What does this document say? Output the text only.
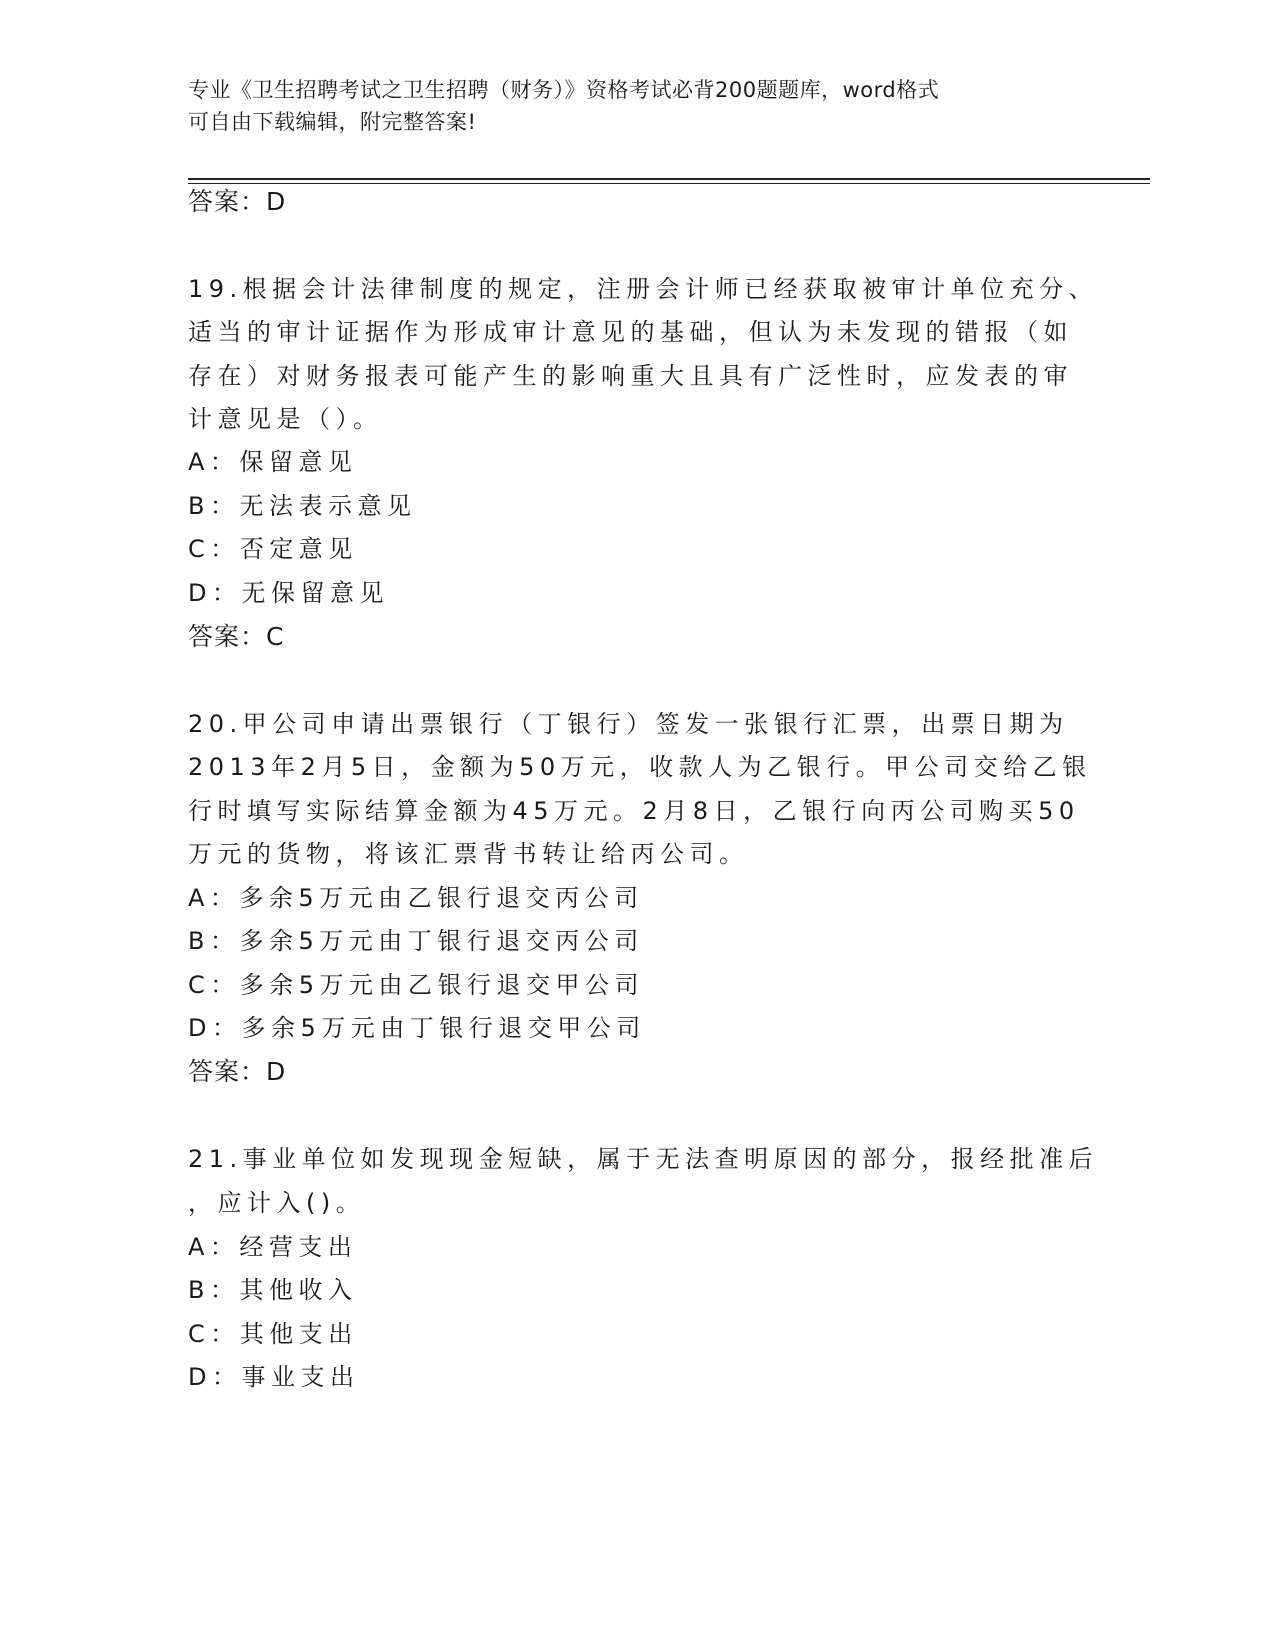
专业《卫生招聘考试之卫生招聘（财务）》资格考试必背200题题库，word格式
可自由下载编辑，附完整答案!

答案：D

19.根据会计法律制度的规定，注册会计师已经获取被审计单位充分、

适当的审计证据作为形成审计意见的基础，但认为未发现的错报（如

存在）对财务报表可能产生的影响重大且具有广泛性时，应发表的审

计意见是（）。

A：保留意见

B：无法表示意见

C：否定意见

D：无保留意见

答案：C

20.甲公司申请出票银行（丁银行）签发一张银行汇票，出票日期为

2013年2月5日，金额为50万元，收款人为乙银行。甲公司交给乙银

行时填写实际结算金额为45万元。2月8日，乙银行向丙公司购买50

万元的货物，将该汇票背书转让给丙公司。

A：多余5万元由乙银行退交丙公司

B：多余5万元由丁银行退交丙公司

C：多余5万元由乙银行退交甲公司

D：多余5万元由丁银行退交甲公司

答案：D

21.事业单位如发现现金短缺，属于无法查明原因的部分，报经批准后

，应计入()。

A：经营支出

B：其他收入

C：其他支出

D：事业支出
